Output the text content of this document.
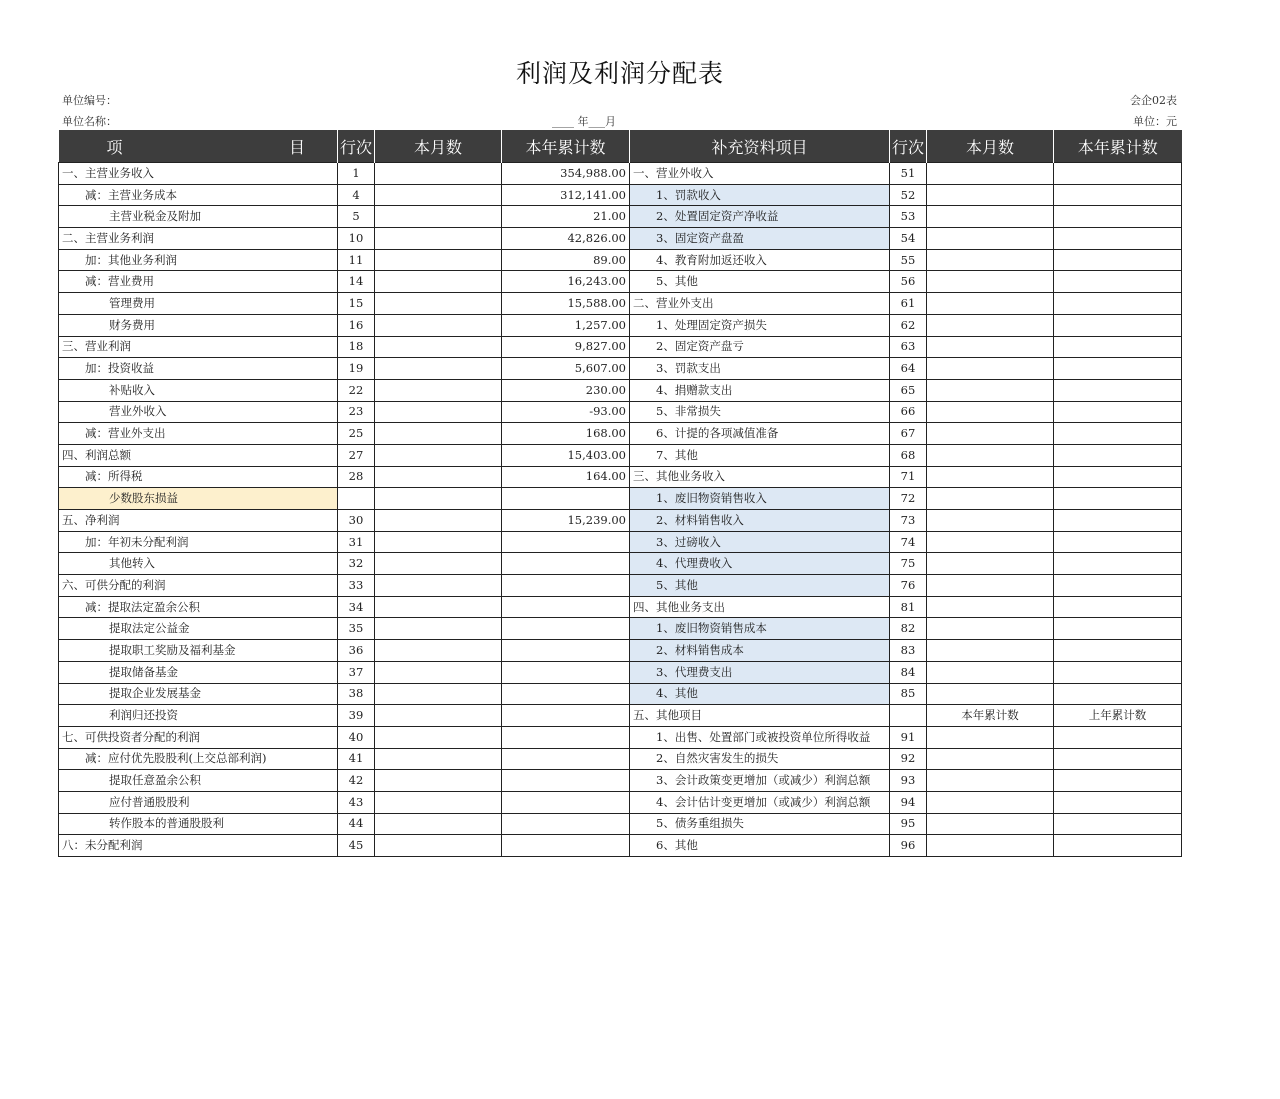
利润及利润分配表
单位编号：
单位名称：	____ 年___月
会企02表
单位：元
项 目	行次	本月数	本年累计数	补充资料项目	行次	本月数	本年累计数
一、主营业务收入	1		354,988.00	一、营业外收入	51		
减：主营业务成本	4		312,141.00	1、罚款收入	52		
主营业税金及附加	5		21.00	2、处置固定资产净收益	53		
二、主营业务利润	10		42,826.00	3、固定资产盘盈	54		
加：其他业务利润	11		89.00	4、教育附加返还收入	55		
减：营业费用	14		16,243.00	5、其他	56		
管理费用	15		15,588.00	二、营业外支出	61		
财务费用	16		1,257.00	1、处理固定资产损失	62		
三、营业利润	18		9,827.00	2、固定资产盘亏	63		
加：投资收益	19		5,607.00	3、罚款支出	64		
补贴收入	22		230.00	4、捐赠款支出	65		
营业外收入	23		-93.00	5、非常损失	66		
减：营业外支出	25		168.00	6、计提的各项减值准备	67		
四、利润总额	27		15,403.00	7、其他	68		
减：所得税	28		164.00	三、其他业务收入	71		
少数股东损益				1、废旧物资销售收入	72		
五、净利润	30		15,239.00	2、材料销售收入	73		
加：年初未分配利润	31			3、过磅收入	74		
其他转入	32			4、代理费收入	75		
六、可供分配的利润	33			5、其他	76		
减：提取法定盈余公积	34			四、其他业务支出	81		
提取法定公益金	35			1、废旧物资销售成本	82		
提取职工奖励及福利基金	36			2、材料销售成本	83		
提取储备基金	37			3、代理费支出	84		
提取企业发展基金	38			4、其他	85		
利润归还投资	39			五、其他项目		本年累计数	上年累计数
七、可供投资者分配的利润	40			1、出售、处置部门或被投资单位所得收益	91		
减：应付优先股股利(上交总部利润)	41			2、自然灾害发生的损失	92		
提取任意盈余公积	42			3、会计政策变更增加（或减少）利润总额	93		
应付普通股股利	43			4、会计估计变更增加（或减少）利润总额	94		
转作股本的普通股股利	44			5、债务重组损失	95		
八：未分配利润	45			6、其他	96		
